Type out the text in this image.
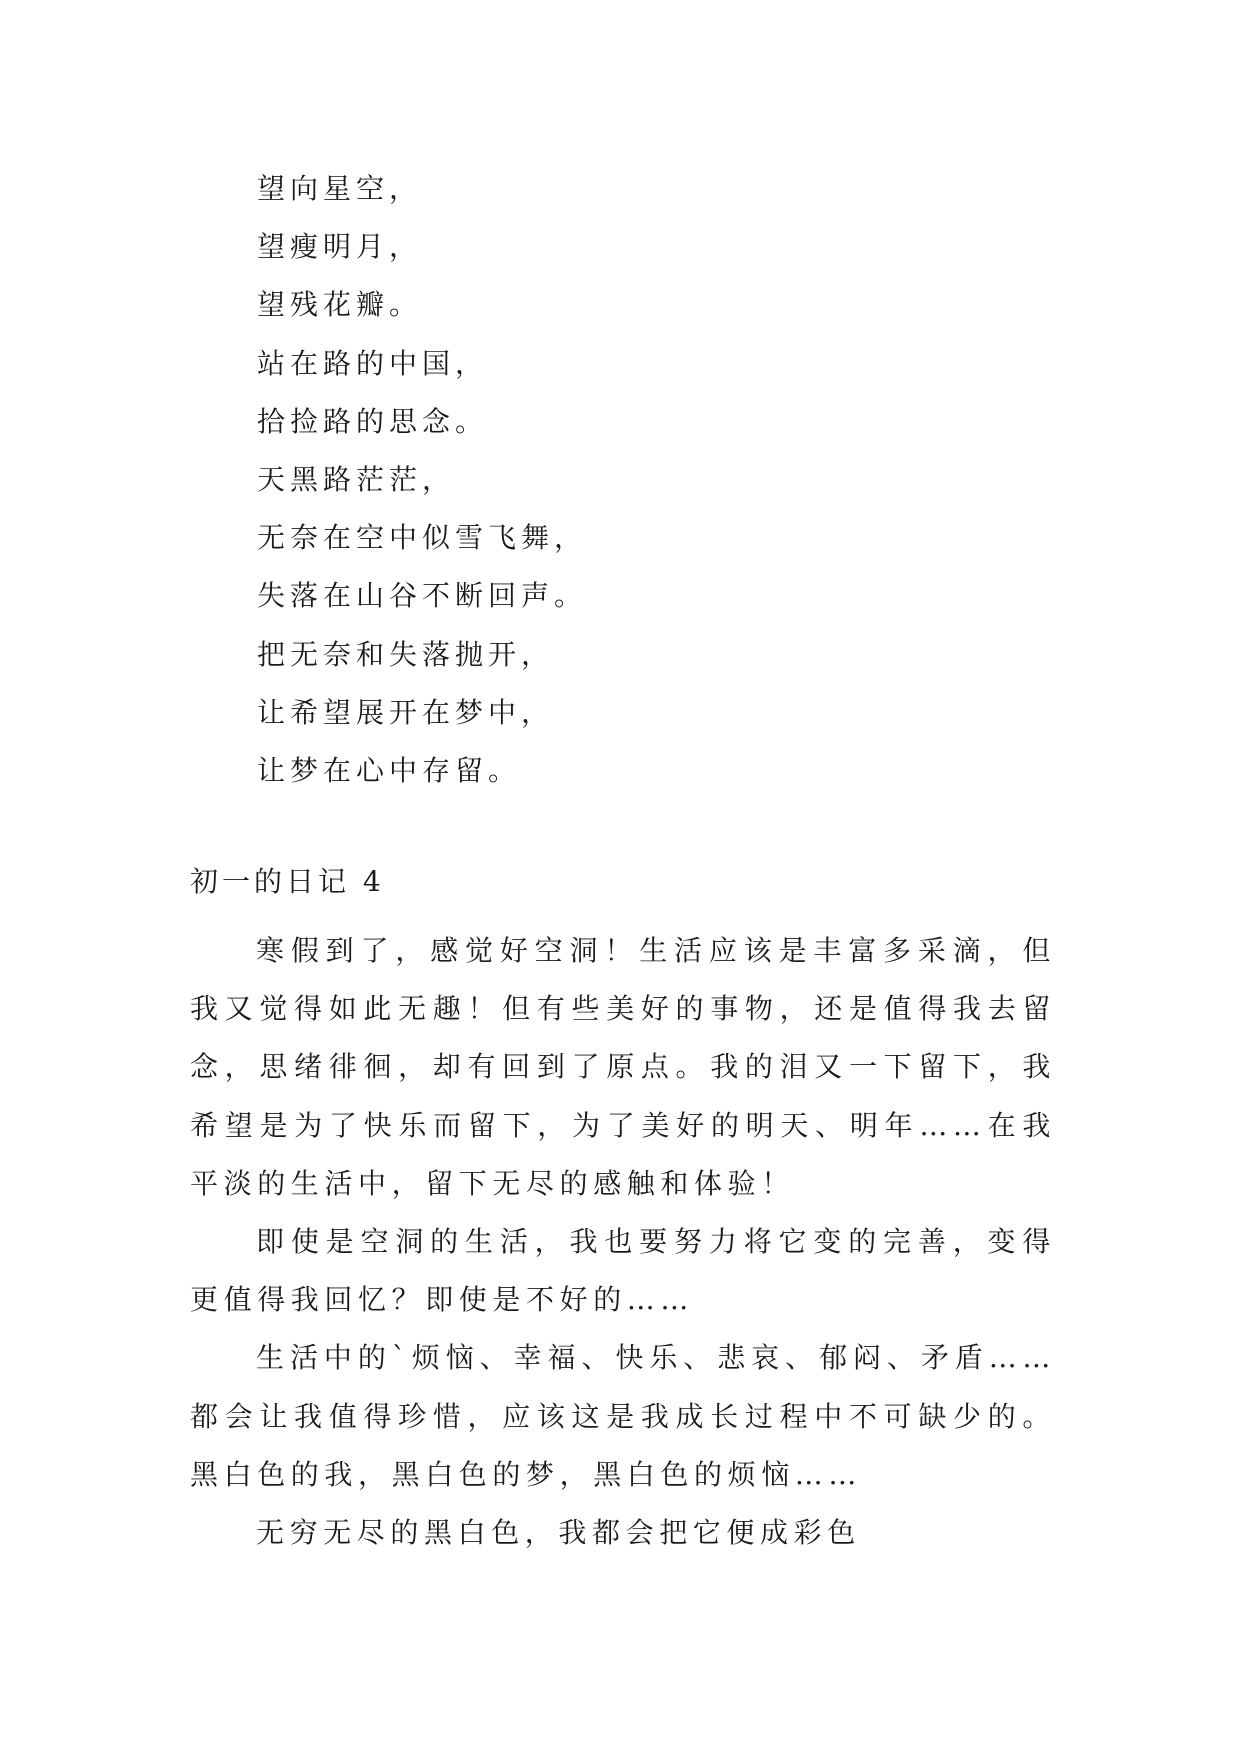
望向星空，
望瘦明月，
望残花瓣。
站在路的中国，
拾捡路的思念。
天黑路茫茫，
无奈在空中似雪飞舞，
失落在山谷不断回声。
把无奈和失落抛开，
让希望展开在梦中，
让梦在心中存留。
初一的日记 4

寒假到了，感觉好空洞！生活应该是丰富多采滴，但我又觉得如此无趣！但有些美好的事物，还是值得我去留念，思绪徘徊，却有回到了原点。我的泪又一下留下，我希望是为了快乐而留下，为了美好的明天、明年……在我平淡的生活中，留下无尽的感触和体验！

即使是空洞的生活，我也要努力将它变的完善，变得更值得我回忆？即使是不好的……

生活中的`烦恼、幸福、快乐、悲哀、郁闷、矛盾……都会让我值得珍惜，应该这是我成长过程中不可缺少的。黑白色的我，黑白色的梦，黑白色的烦恼……

无穷无尽的黑白色，我都会把它便成彩色
